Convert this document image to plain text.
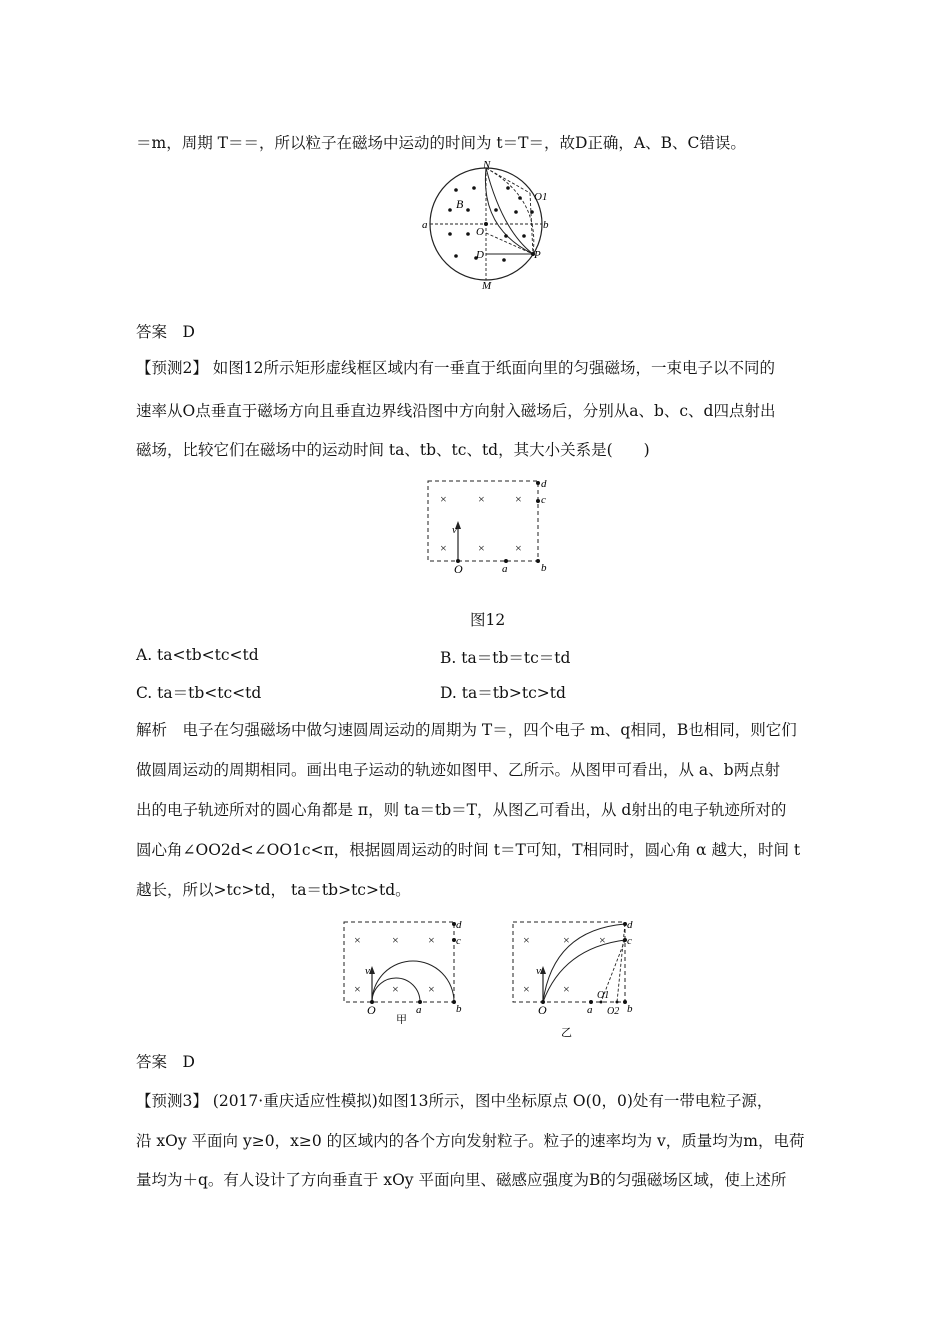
＝m，周期 T＝＝，所以粒子在磁场中运动的时间为 t＝T＝，故D正确，A、B、C错误。
N
M
a	b
B
O
O1
D	P
答案　D
【预测2】 如图12所示矩形虚线框区域内有一垂直于纸面向里的匀强磁场，一束电子以不同的
速率从O点垂直于磁场方向且垂直边界线沿图中方向射入磁场后，分别从a、b、c、d四点射出
磁场，比较它们在磁场中的运动时间 ta、tb、tc、td，其大小关系是(　　)
×	×	×
×	×	×
v
O	a	b
d
c
图12
A. ta<tb<tc<td	B. ta＝tb＝tc＝td
C. ta＝tb<tc<td	D. ta＝tb>tc>td
解析　电子在匀强磁场中做匀速圆周运动的周期为 T＝，四个电子 m、q相同，B也相同，则它们
做圆周运动的周期相同。画出电子运动的轨迹如图甲、乙所示。从图甲可看出，从 a、b两点射
出的电子轨迹所对的圆心角都是 π，则 ta＝tb＝T，从图乙可看出，从 d射出的电子轨迹所对的
圆心角∠OO2d<∠OO1c<π，根据圆周运动的时间 t＝T可知，T相同时，圆心角 α 越大，时间 t
越长，所以>tc>td， ta＝tb>tc>td。
×	× ×
×	× ×
v
O	a	b
d
c
甲
×	× ×
×	×
v
O	a
O1
O2 b
d
c
乙
答案　D
【预测3】 (2017·重庆适应性模拟)如图13所示，图中坐标原点 O(0，0)处有一带电粒子源，
沿 xOy 平面向 y≥0，x≥0 的区域内的各个方向发射粒子。粒子的速率均为 v，质量均为m，电荷
量均为＋q。有人设计了方向垂直于 xOy 平面向里、磁感应强度为B的匀强磁场区域，使上述所
